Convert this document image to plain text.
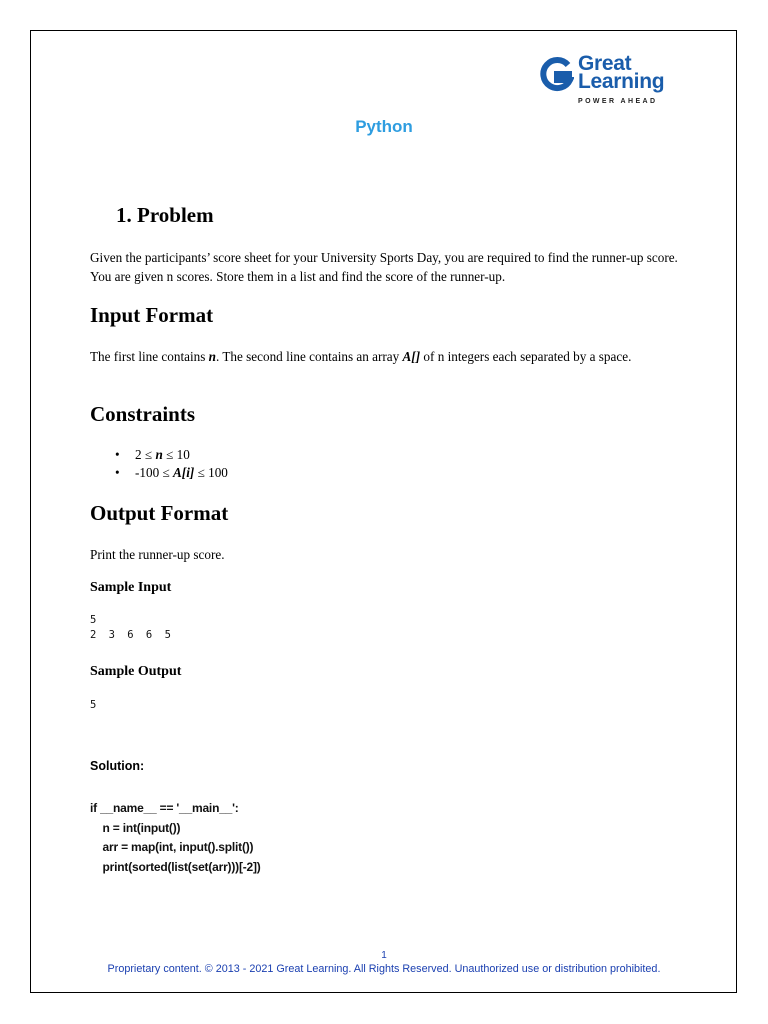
Great
Learning
POWER AHEAD
Python
1. Problem
Given the participants’ score sheet for your University Sports Day, you are required to find the runner-up score. You are given n scores. Store them in a list and find the score of the runner-up.
Input Format
The first line contains n. The second line contains an array A[] of n integers each separated by a space.
Constraints
• 2 ≤ n ≤ 10
• -100 ≤ A[i] ≤ 100
Output Format
Print the runner-up score.
Sample Input
5
2 3 6 6 5
Sample Output
5
Solution:
if __name__ == '__main__':
n = int(input())
arr = map(int, input().split())
print(sorted(list(set(arr)))[-2])
1
Proprietary content. © 2013 - 2021 Great Learning. All Rights Reserved. Unauthorized use or distribution prohibited.
